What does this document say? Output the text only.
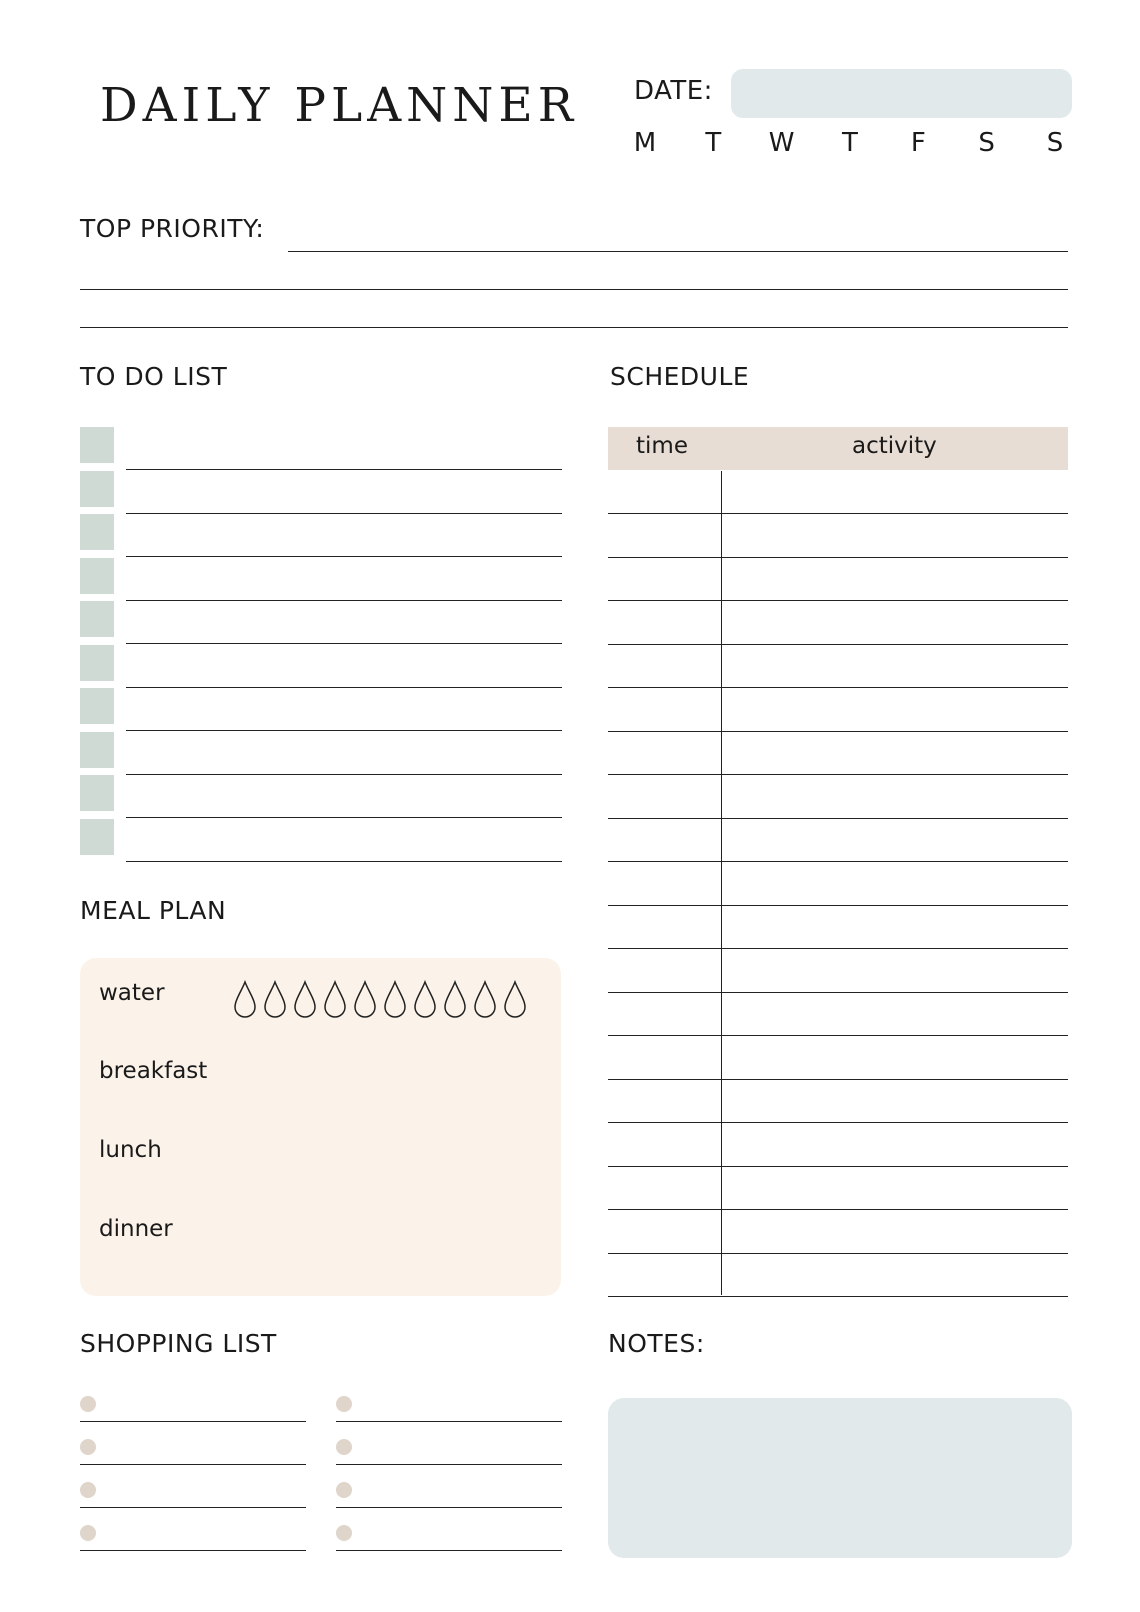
DAILY PLANNER DATE:
M T W T F S S
TOP PRIORITY:
TO DO LIST	SCHEDULE
time	activity
MEAL PLAN
water
breakfast
lunch
dinner
SHOPPING LIST	NOTES:
